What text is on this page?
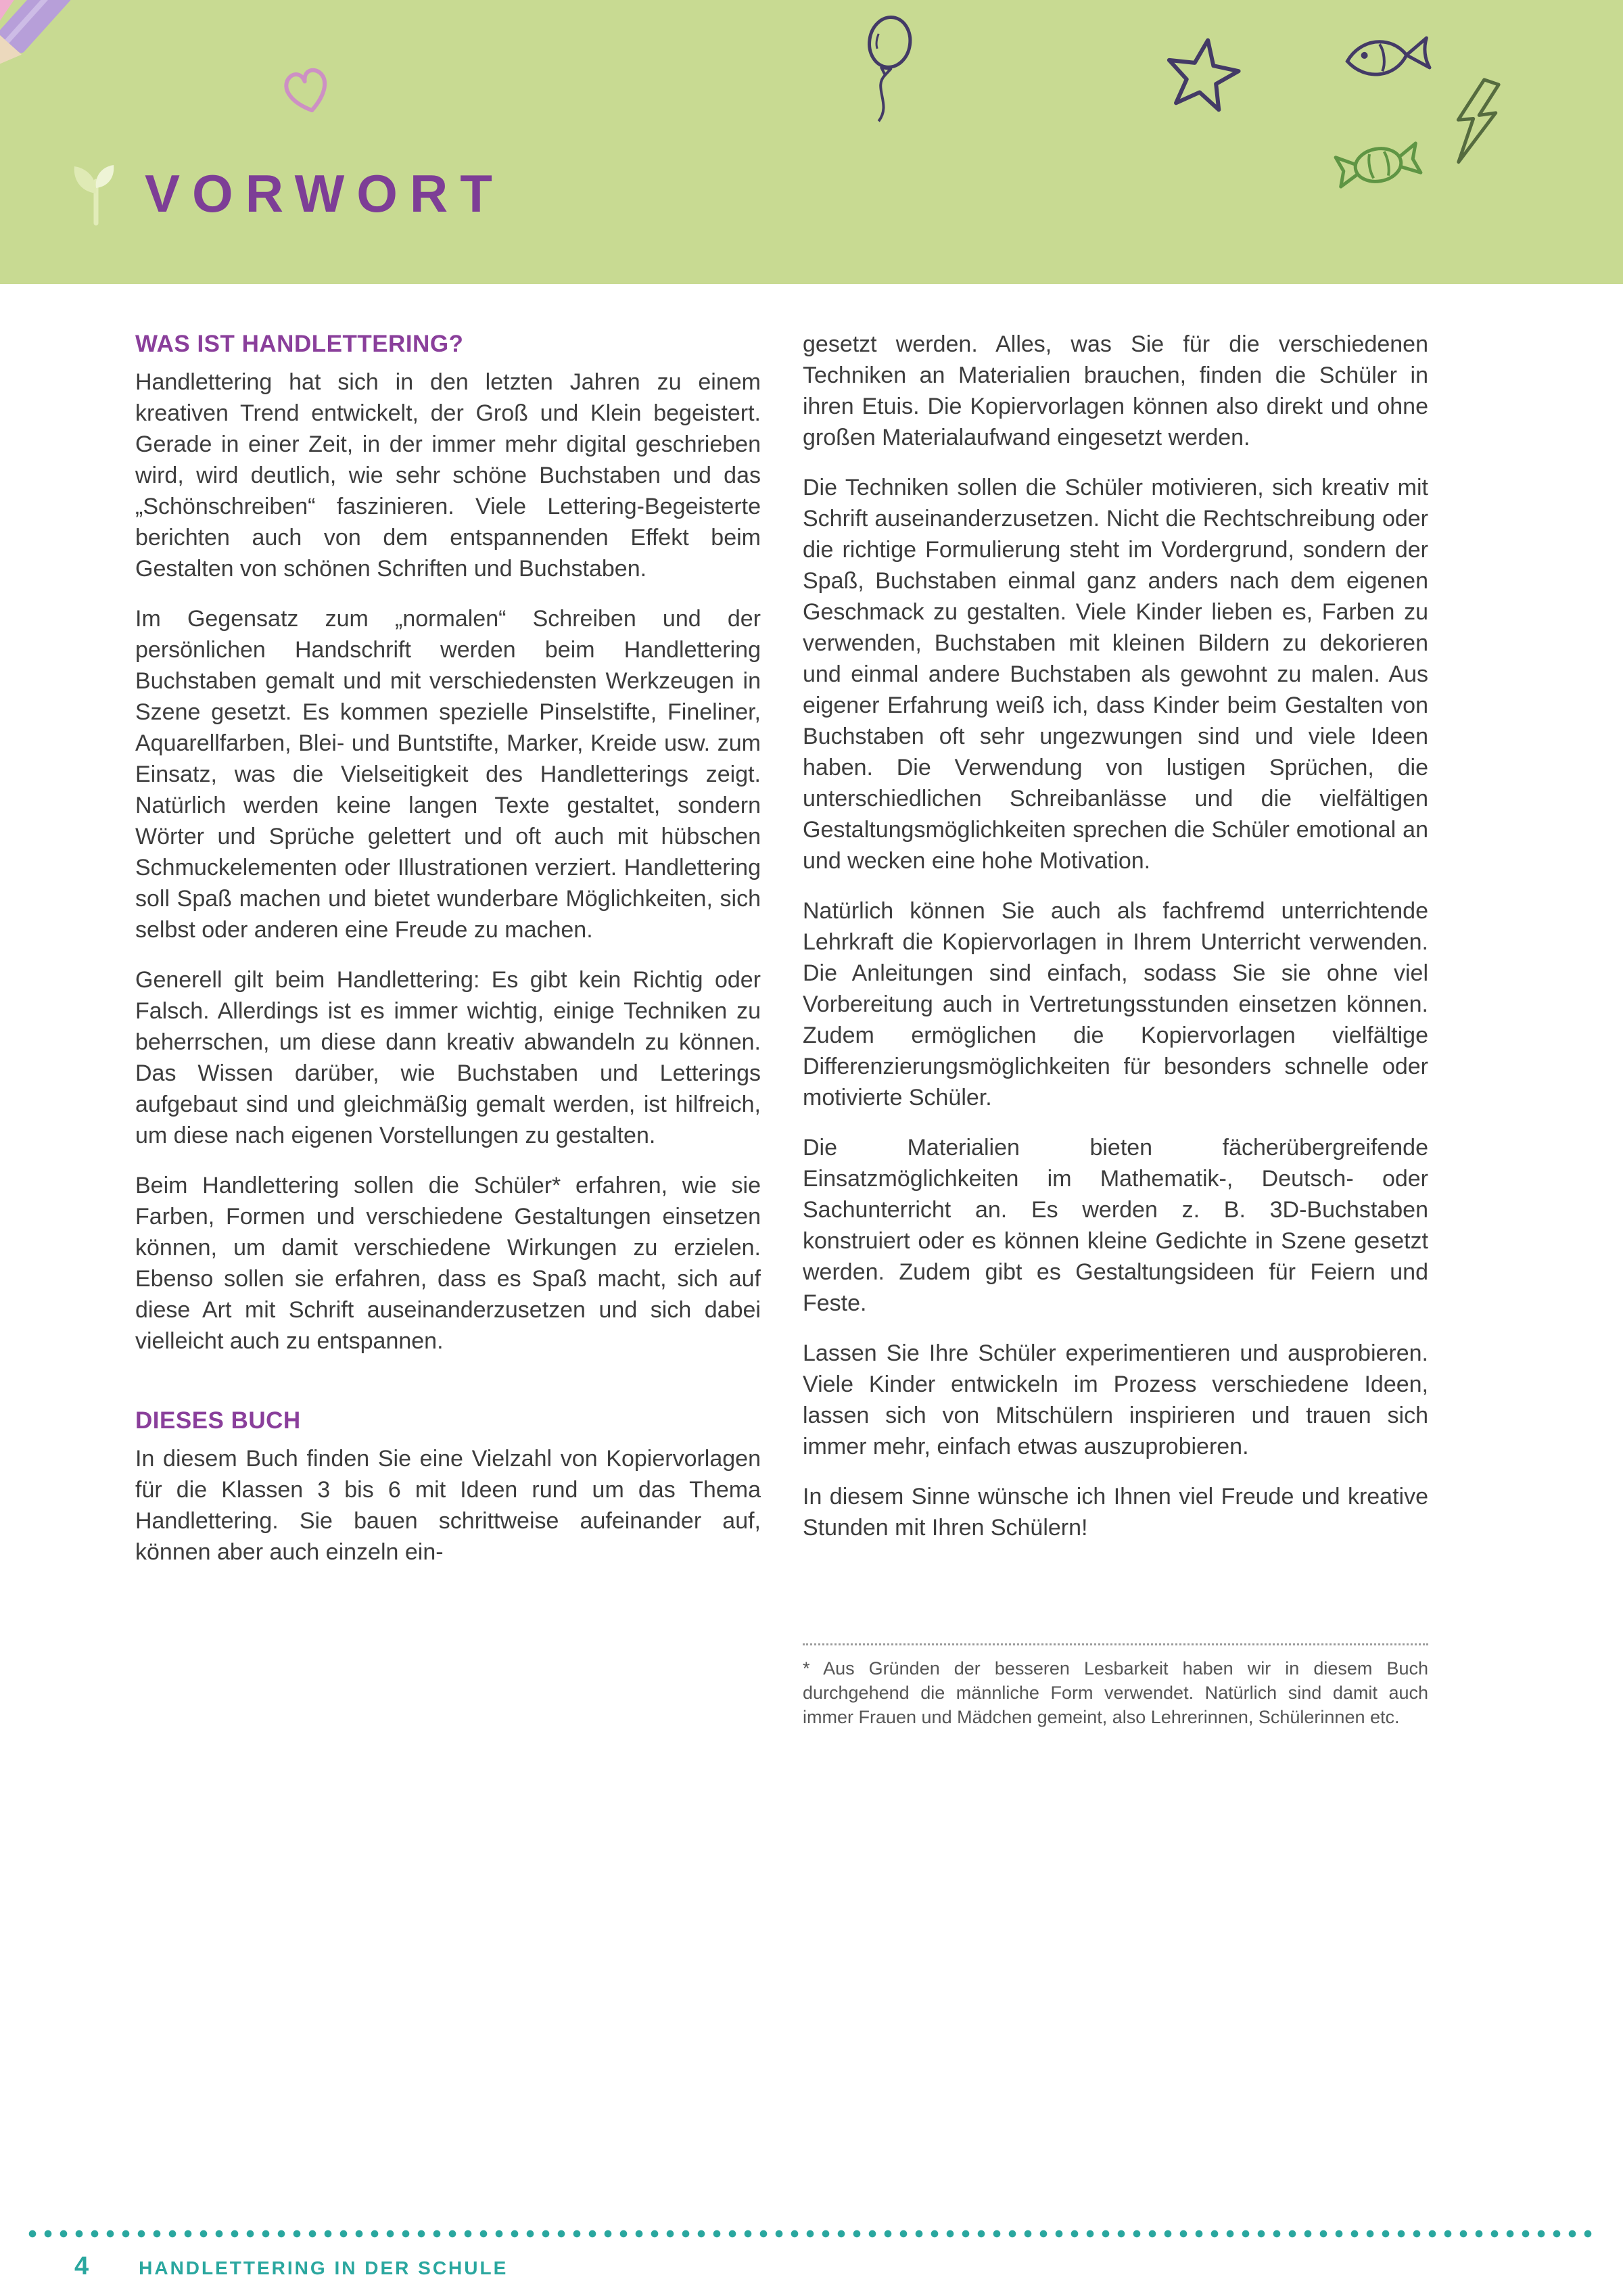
VORWORT
WAS IST HANDLETTERING?

Handlettering hat sich in den letzten Jahren zu einem kreativen Trend entwickelt, der Groß und Klein begeistert. Gerade in einer Zeit, in der immer mehr digital geschrieben wird, wird deutlich, wie sehr schöne Buchstaben und das „Schönschreiben“ faszinieren. Viele Lettering-Begeisterte berichten auch von dem entspannenden Effekt beim Gestalten von schönen Schriften und Buchstaben.

Im Gegensatz zum „normalen“ Schreiben und der persönlichen Handschrift werden beim Handlettering Buchstaben gemalt und mit verschiedensten Werkzeugen in Szene gesetzt. Es kommen spezielle Pinselstifte, Fineliner, Aquarellfarben, Blei- und Buntstifte, Marker, Kreide usw. zum Einsatz, was die Vielseitigkeit des Handletterings zeigt. Natürlich werden keine langen Texte gestaltet, sondern Wörter und Sprüche gelettert und oft auch mit hübschen Schmuckelementen oder Illustrationen verziert. Handlettering soll Spaß machen und bietet wunderbare Möglichkeiten, sich selbst oder anderen eine Freude zu machen.

Generell gilt beim Handlettering: Es gibt kein Richtig oder Falsch. Allerdings ist es immer wichtig, einige Techniken zu beherrschen, um diese dann kreativ abwandeln zu können. Das Wissen darüber, wie Buchstaben und Letterings aufgebaut sind und gleichmäßig gemalt werden, ist hilfreich, um diese nach eigenen Vorstellungen zu gestalten.

Beim Handlettering sollen die Schüler* erfahren, wie sie Farben, Formen und verschiedene Gestaltungen einsetzen können, um damit verschiedene Wirkungen zu erzielen. Ebenso sollen sie erfahren, dass es Spaß macht, sich auf diese Art mit Schrift auseinanderzusetzen und sich dabei vielleicht auch zu entspannen.

DIESES BUCH

In diesem Buch finden Sie eine Vielzahl von Kopiervorlagen für die Klassen 3 bis 6 mit Ideen rund um das Thema Handlettering. Sie bauen schrittweise aufeinander auf, können aber auch einzeln ein-

gesetzt werden. Alles, was Sie für die verschiedenen Techniken an Materialien brauchen, finden die Schüler in ihren Etuis. Die Kopiervorlagen können also direkt und ohne großen Materialaufwand eingesetzt werden.

Die Techniken sollen die Schüler motivieren, sich kreativ mit Schrift auseinanderzusetzen. Nicht die Rechtschreibung oder die richtige Formulierung steht im Vordergrund, sondern der Spaß, Buchstaben einmal ganz anders nach dem eigenen Geschmack zu gestalten. Viele Kinder lieben es, Farben zu verwenden, Buchstaben mit kleinen Bildern zu dekorieren und einmal andere Buchstaben als gewohnt zu malen. Aus eigener Erfahrung weiß ich, dass Kinder beim Gestalten von Buchstaben oft sehr ungezwungen sind und viele Ideen haben. Die Verwendung von lustigen Sprüchen, die unterschiedlichen Schreibanlässe und die vielfältigen Gestaltungsmöglichkeiten sprechen die Schüler emotional an und wecken eine hohe Motivation.

Natürlich können Sie auch als fachfremd unterrichtende Lehrkraft die Kopiervorlagen in Ihrem Unterricht verwenden. Die Anleitungen sind einfach, sodass Sie sie ohne viel Vorbereitung auch in Vertretungsstunden einsetzen können. Zudem ermöglichen die Kopiervorlagen vielfältige Differenzierungsmöglichkeiten für besonders schnelle oder motivierte Schüler.

Die Materialien bieten fächerübergreifende Einsatzmöglichkeiten im Mathematik-, Deutsch- oder Sachunterricht an. Es werden z. B. 3D-Buchstaben konstruiert oder es können kleine Gedichte in Szene gesetzt werden. Zudem gibt es Gestaltungsideen für Feiern und Feste.

Lassen Sie Ihre Schüler experimentieren und ausprobieren. Viele Kinder entwickeln im Prozess verschiedene Ideen, lassen sich von Mitschülern inspirieren und trauen sich immer mehr, einfach etwas auszuprobieren.

In diesem Sinne wünsche ich Ihnen viel Freude und kreative Stunden mit Ihren Schülern!

* Aus Gründen der besseren Lesbarkeit haben wir in diesem Buch durchgehend die männliche Form verwendet. Natürlich sind damit auch immer Frauen und Mädchen gemeint, also Lehrerinnen, Schülerinnen etc.
4	HANDLETTERING IN DER SCHULE
